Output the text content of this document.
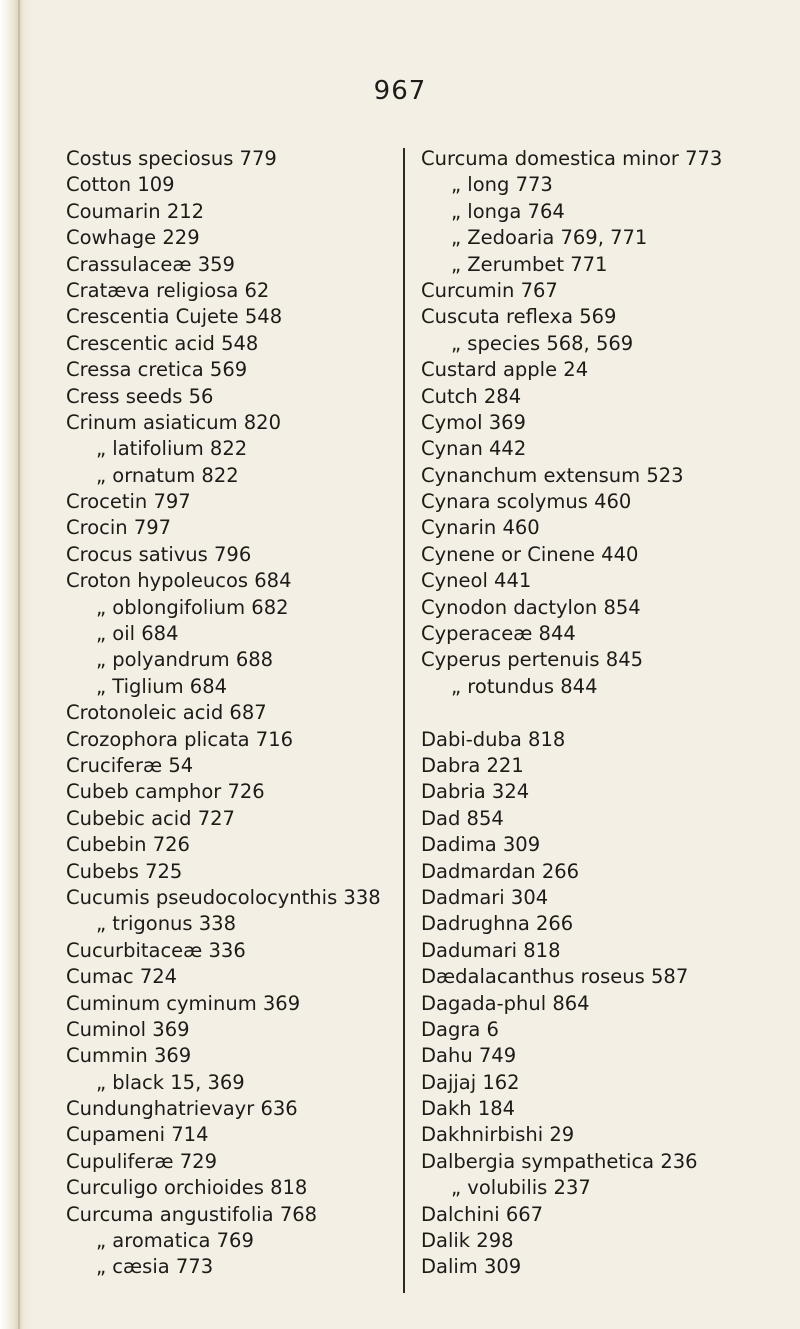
967
Costus speciosus 779
Cotton 109
Coumarin 212
Cowhage 229
Crassulaceæ 359
Cratæva religiosa 62
Crescentia Cujete 548
Crescentic acid 548
Cressa cretica 569
Cress seeds 56
Crinum asiaticum 820
„ latifolium 822
„ ornatum 822
Crocetin 797
Crocin 797
Crocus sativus 796
Croton hypoleucos 684
„ oblongifolium 682
„ oil 684
„ polyandrum 688
„ Tiglium 684
Crotonoleic acid 687
Crozophora plicata 716
Cruciferæ 54
Cubeb camphor 726
Cubebic acid 727
Cubebin 726
Cubebs 725
Cucumis pseudocolocynthis 338
„ trigonus 338
Cucurbitaceæ 336
Cumac 724
Cuminum cyminum 369
Cuminol 369
Cummin 369
„ black 15, 369
Cundunghatrievayr 636
Cupameni 714
Cupuliferæ 729
Curculigo orchioides 818
Curcuma angustifolia 768
„ aromatica 769
„ cæsia 773
Curcuma domestica minor 773
„ long 773
„ longa 764
„ Zedoaria 769, 771
„ Zerumbet 771
Curcumin 767
Cuscuta reflexa 569
„ species 568, 569
Custard apple 24
Cutch 284
Cymol 369
Cynan 442
Cynanchum extensum 523
Cynara scolymus 460
Cynarin 460
Cynene or Cinene 440
Cyneol 441
Cynodon dactylon 854
Cyperaceæ 844
Cyperus pertenuis 845
„ rotundus 844
Dabi-duba 818
Dabra 221
Dabria 324
Dad 854
Dadima 309
Dadmardan 266
Dadmari 304
Dadrughna 266
Dadumari 818
Dædalacanthus roseus 587
Dagada-phul 864
Dagra 6
Dahu 749
Dajjaj 162
Dakh 184
Dakhnirbishi 29
Dalbergia sympathetica 236
„ volubilis 237
Dalchini 667
Dalik 298
Dalim 309
